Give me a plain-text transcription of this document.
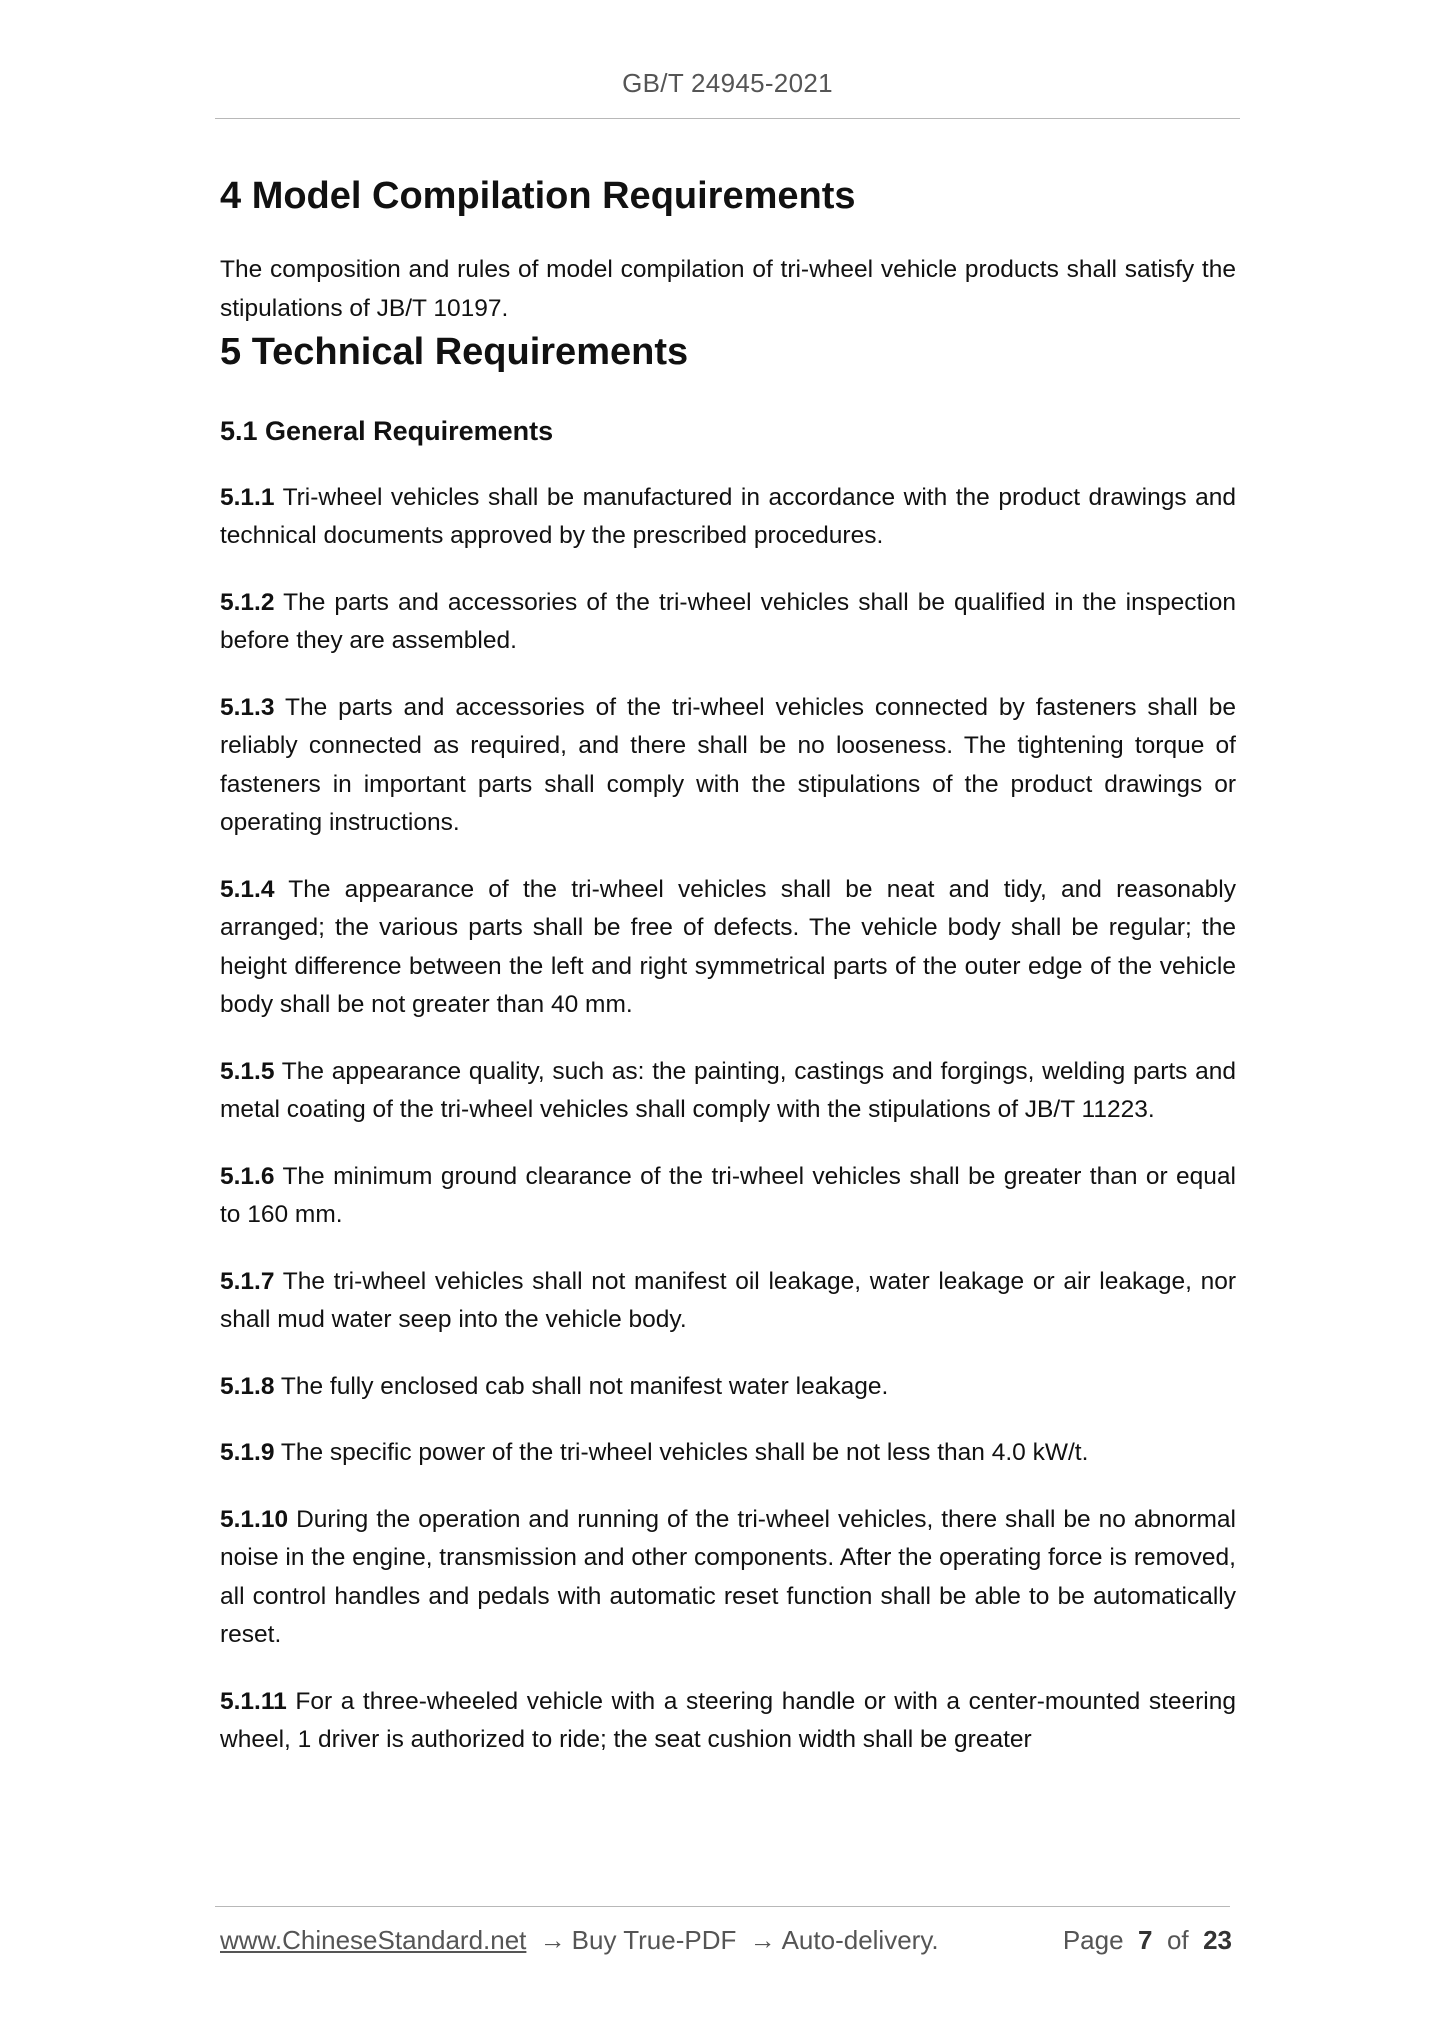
GB/T 24945-2021
4 Model Compilation Requirements

The composition and rules of model compilation of tri-wheel vehicle products shall satisfy the stipulations of JB/T 10197.

5 Technical Requirements
5.1 General Requirements

5.1.1 Tri-wheel vehicles shall be manufactured in accordance with the product drawings and technical documents approved by the prescribed procedures.

5.1.2 The parts and accessories of the tri-wheel vehicles shall be qualified in the inspection before they are assembled.

5.1.3 The parts and accessories of the tri-wheel vehicles connected by fasteners shall be reliably connected as required, and there shall be no looseness. The tightening torque of fasteners in important parts shall comply with the stipulations of the product drawings or operating instructions.

5.1.4 The appearance of the tri-wheel vehicles shall be neat and tidy, and reasonably arranged; the various parts shall be free of defects. The vehicle body shall be regular; the height difference between the left and right symmetrical parts of the outer edge of the vehicle body shall be not greater than 40 mm.

5.1.5 The appearance quality, such as: the painting, castings and forgings, welding parts and metal coating of the tri-wheel vehicles shall comply with the stipulations of JB/T 11223.

5.1.6 The minimum ground clearance of the tri-wheel vehicles shall be greater than or equal to 160 mm.

5.1.7 The tri-wheel vehicles shall not manifest oil leakage, water leakage or air leakage, nor shall mud water seep into the vehicle body.

5.1.8 The fully enclosed cab shall not manifest water leakage.

5.1.9 The specific power of the tri-wheel vehicles shall be not less than 4.0 kW/t.

5.1.10 During the operation and running of the tri-wheel vehicles, there shall be no abnormal noise in the engine, transmission and other components. After the operating force is removed, all control handles and pedals with automatic reset function shall be able to be automatically reset.

5.1.11 For a three-wheeled vehicle with a steering handle or with a center-mounted steering wheel, 1 driver is authorized to ride; the seat cushion width shall be greater

www.ChineseStandard.net → Buy True-PDF → Auto-delivery.	Page 7 of 23
